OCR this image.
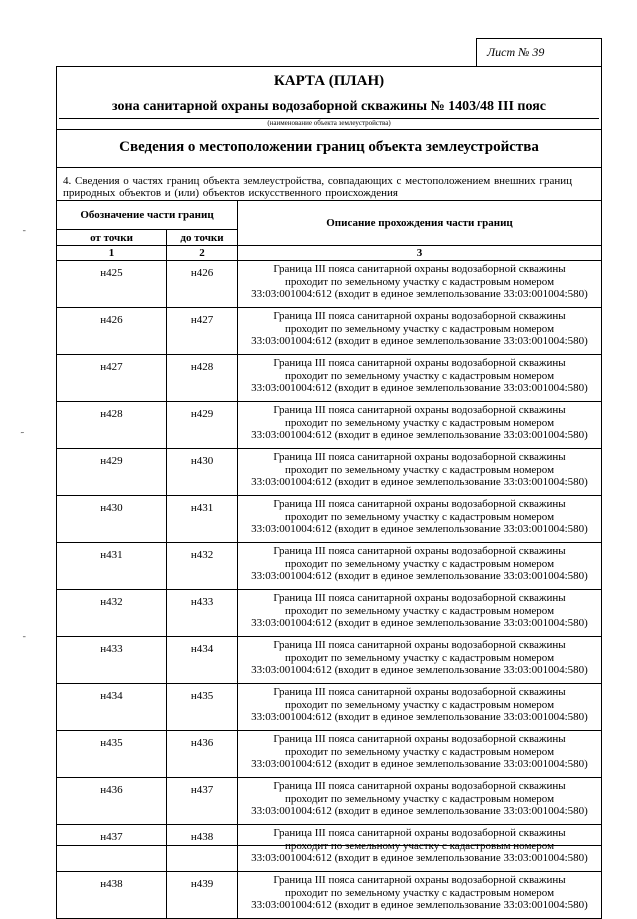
Лист № 39
КАРТА (ПЛАН)
зона санитарной охраны водозаборной скважины № 1403/48 III пояс
(наименование объекта землеустройства)
Сведения о местоположении границ объекта землеустройства
4. Сведения о частях границ объекта землеустройства, совпадающих с местоположением внешних границ природных объектов и (или) объектов искусственного происхождения
Обозначение части границ		Описание прохождения части границ
от точки	до точки	
1	2	3
н425	н426	Граница III пояса санитарной охраны водозаборной скважины
проходит по земельному участку с кадастровым номером
33:03:001004:612 (входит в единое землепользование 33:03:001004:580)

н426	н427	Граница III пояса санитарной охраны водозаборной скважины
проходит по земельному участку с кадастровым номером
33:03:001004:612 (входит в единое землепользование 33:03:001004:580)

н427	н428	Граница III пояса санитарной охраны водозаборной скважины
проходит по земельному участку с кадастровым номером
33:03:001004:612 (входит в единое землепользование 33:03:001004:580)

н428	н429	Граница III пояса санитарной охраны водозаборной скважины
проходит по земельному участку с кадастровым номером
33:03:001004:612 (входит в единое землепользование 33:03:001004:580)

н429	н430	Граница III пояса санитарной охраны водозаборной скважины
проходит по земельному участку с кадастровым номером
33:03:001004:612 (входит в единое землепользование 33:03:001004:580)

н430	н431	Граница III пояса санитарной охраны водозаборной скважины
проходит по земельному участку с кадастровым номером
33:03:001004:612 (входит в единое землепользование 33:03:001004:580)

н431	н432	Граница III пояса санитарной охраны водозаборной скважины
проходит по земельному участку с кадастровым номером
33:03:001004:612 (входит в единое землепользование 33:03:001004:580)

н432	н433	Граница III пояса санитарной охраны водозаборной скважины
проходит по земельному участку с кадастровым номером
33:03:001004:612 (входит в единое землепользование 33:03:001004:580)

н433	н434	Граница III пояса санитарной охраны водозаборной скважины
проходит по земельному участку с кадастровым номером
33:03:001004:612 (входит в единое землепользование 33:03:001004:580)

н434	н435	Граница III пояса санитарной охраны водозаборной скважины
проходит по земельному участку с кадастровым номером
33:03:001004:612 (входит в единое землепользование 33:03:001004:580)

н435	н436	Граница III пояса санитарной охраны водозаборной скважины
проходит по земельному участку с кадастровым номером
33:03:001004:612 (входит в единое землепользование 33:03:001004:580)

н436	н437	Граница III пояса санитарной охраны водозаборной скважины
проходит по земельному участку с кадастровым номером
33:03:001004:612 (входит в единое землепользование 33:03:001004:580)

н437	н438	Граница III пояса санитарной охраны водозаборной скважины
проходит по земельному участку с кадастровым номером
33:03:001004:612 (входит в единое землепользование 33:03:001004:580)

н438	н439	Граница III пояса санитарной охраны водозаборной скважины
проходит по земельному участку с кадастровым номером
33:03:001004:612 (входит в единое землепользование 33:03:001004:580)
ˉ
˜
ˉ
